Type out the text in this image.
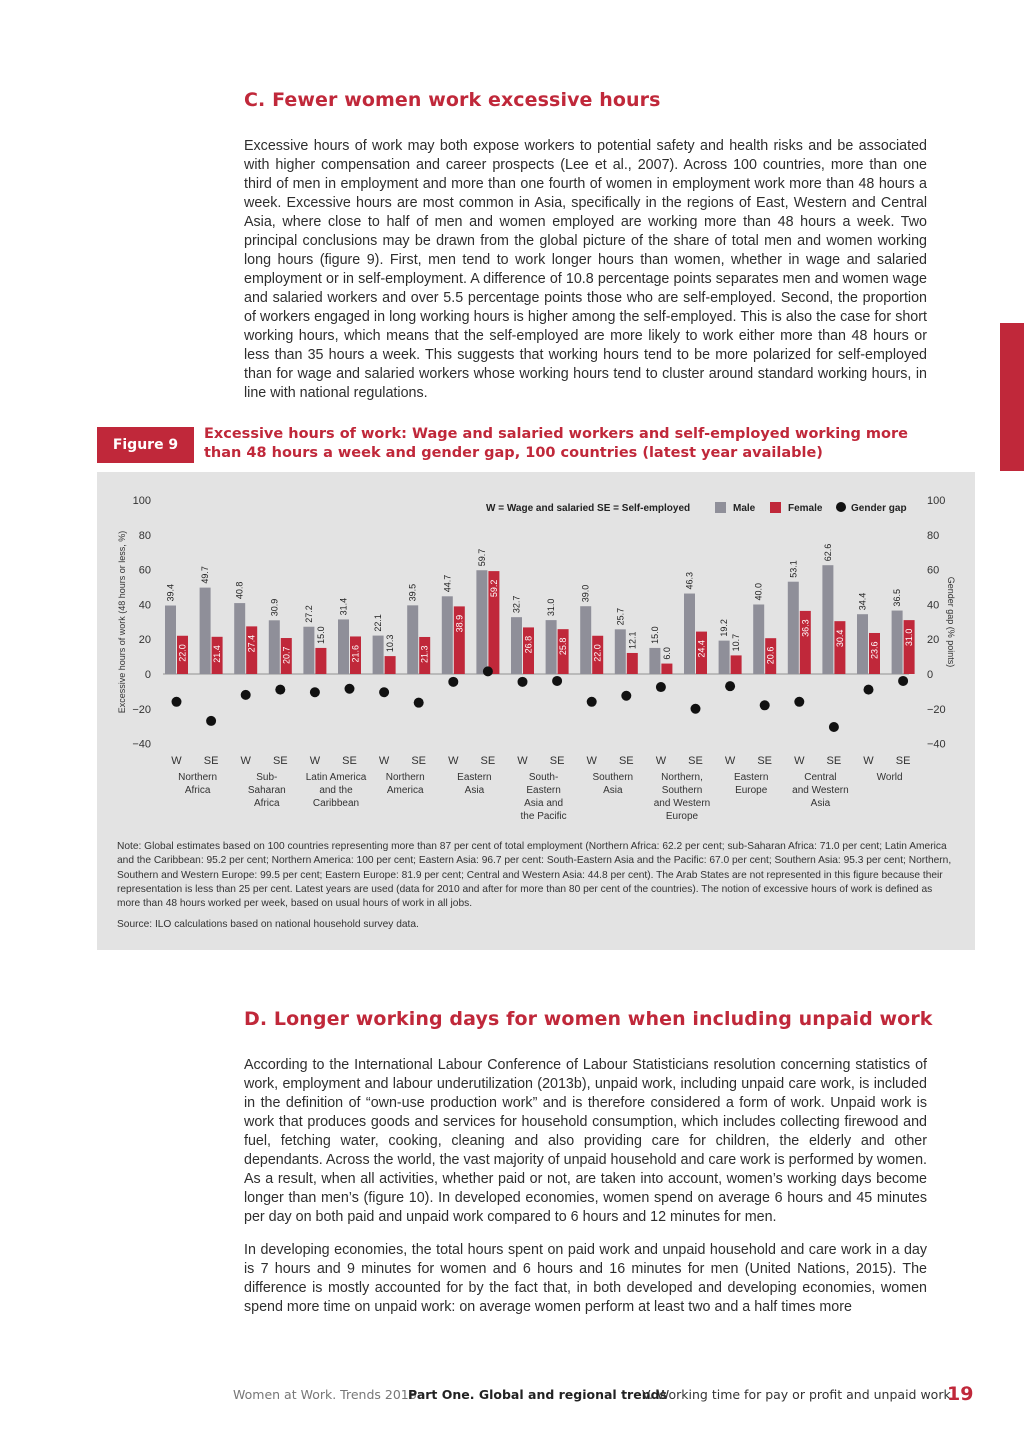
C. Fewer women work excessive hours

Excessive hours of work may both expose workers to potential safety and health risks and be associated with higher compensation and career prospects (Lee et al., 2007). Across 100 countries, more than one third of men in employment and more than one fourth of women in employment work more than 48 hours a week. Excessive hours are most common in Asia, specifically in the regions of East, Western and Central Asia, where close to half of men and women employed are working more than 48 hours a week. Two principal conclusions may be drawn from the global picture of the share of total men and women working long hours (figure 9). First, men tend to work longer hours than women, whether in wage and salaried employment or in self-employment. A difference of 10.8 percentage points separates men and women wage and salaried workers and over 5.5 percentage points those who are self-employed. Second, the proportion of workers engaged in long working hours is higher among the self-employed. This is also the case for short working hours, which means that the self-employed are more likely to work either more than 48 hours or less than 35 hours a week. This suggests that working hours tend to be more polarized for self-employed than for wage and salaried workers whose working hours tend to cluster around standard working hours, in line with national regulations.

Figure 9

Excessive hours of work: Wage and salaried workers and self-employed working more than 48 hours a week and gender gap, 100 countries (latest year available)

100	100
80	80
60	60
40	40
20	20
0	0
−20	−20
−40	−40
Excessive hours of work (48 hours or less, %)	Gender gap (% points)
W = Wage and salaried SE = Self-employed	Male	Female	Gender gap
39.4
22.0
W
49.7
21.4
SE
Northern
Africa
40.8
27.4
W
30.9
20.7
SE
Sub-
Saharan
Africa
27.2
15.0
W
31.4
21.6
SE
Latin America
and the
Caribbean
22.1
10.3
W
39.5
21.3
SE
Northern
America
44.7
38.9
W
59.7
59.2
SE
Eastern
Asia
32.7
26.8
W
31.0
25.8
SE
South-
Eastern
Asia and
the Pacific
39.0
22.0
W
25.7
12.1
SE
Southern
Asia
15.0
6.0
W
46.3
24.4
SE
Northern,
Southern
and Western
Europe
19.2
10.7
W
40.0
20.6
SE
Eastern
Europe
53.1
36.3
W
62.6
30.4
SE
Central
and Western
Asia
34.4
23.6
W
36.5
31.0
SE
World

Note: Global estimates based on 100 countries representing more than 87 per cent of total employment (Northern Africa: 62.2 per cent; sub-Saharan Africa: 71.0 per cent; Latin America and the Caribbean: 95.2 per cent; Northern America: 100 per cent; Eastern Asia: 96.7 per cent: South-Eastern Asia and the Pacific: 67.0 per cent; Southern Asia: 95.3 per cent; Northern, Southern and Western Europe: 99.5 per cent; Eastern Europe: 81.9 per cent; Central and Western Asia: 44.8 per cent). The Arab States are not represented in this figure because their representation is less than 25 per cent. Latest years are used (data for 2010 and after for more than 80 per cent of the countries). The notion of excessive hours of work is defined as more than 48 hours worked per week, based on usual hours of work in all jobs.

Source: ILO calculations based on national household survey data.

D. Longer working days for women when including unpaid work

According to the International Labour Conference of Labour Statisticians resolution concerning statistics of work, employment and labour underutilization (2013b), unpaid work, including unpaid care work, is included in the definition of “own-use production work” and is therefore considered a form of work. Unpaid work is work that produces goods and services for household consumption, which includes collecting firewood and fuel, fetching water, cooking, cleaning and also providing care for children, the elderly and other dependants. Across the world, the vast majority of unpaid household and care work is performed by women. As a result, when all activities, whether paid or not, are taken into account, women’s working days become longer than men’s (figure 10). In developed economies, women spend on average 6 hours and 45 minutes per day on both paid and unpaid work compared to 6 hours and 12 minutes for men.

In developing economies, the total hours spent on paid work and unpaid household and care work in a day is 7 hours and 9 minutes for women and 6 hours and 16 minutes for men (United Nations, 2015). The difference is mostly accounted for by the fact that, in both developed and developing economies, women spend more time on unpaid work: on average women perform at least two and a half times more

Women at Work. Trends 2016
Part One. Global and regional trends
V. Working time for pay or profit and unpaid work
19
